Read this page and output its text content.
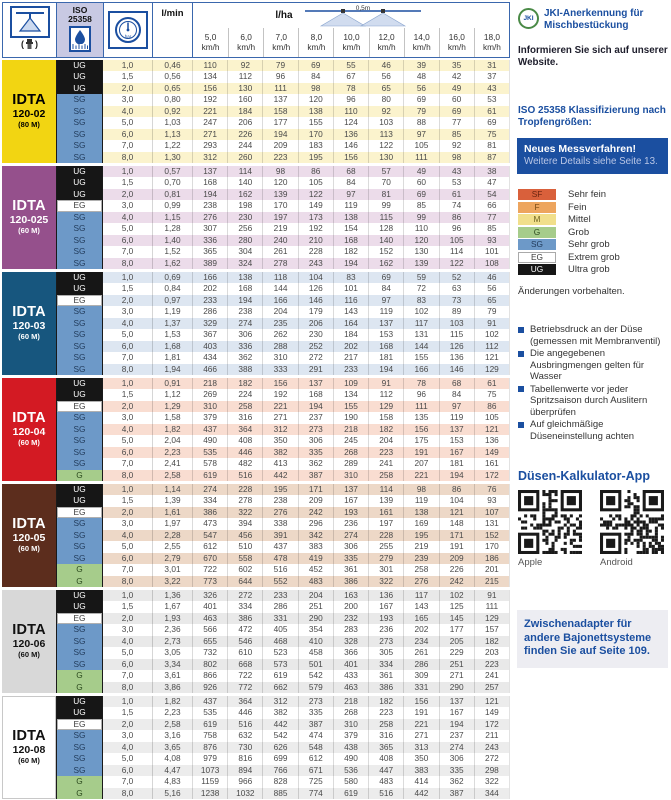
( )
ISO
25358
bar
l/min	l/ha
0,5m
5,0
km/h
6,0
km/h
7,0
km/h
8,0
km/h
10,0
km/h
12,0
km/h
14,0
km/h
16,0
km/h
18,0
km/h
IDTA
120-02
(80 M)
UG	1,0	0,46	110	92	79	69	55	46	39	35	31
UG	1,5	0,56	134	112	96	84	67	56	48	42	37
UG	2,0	0,65	156	130	111	98	78	65	56	49	43
SG	3,0	0,80	192	160	137	120	96	80	69	60	53
SG	4,0	0,92	221	184	158	138	110	92	79	69	61
SG	5,0	1,03	247	206	177	155	124	103	88	77	69
SG	6,0	1,13	271	226	194	170	136	113	97	85	75
SG	7,0	1,22	293	244	209	183	146	122	105	92	81
SG	8,0	1,30	312	260	223	195	156	130	111	98	87
IDTA
120-025
(60 M)
UG	1,0	0,57	137	114	98	86	68	57	49	43	38
UG	1,5	0,70	168	140	120	105	84	70	60	53	47
UG	2,0	0,81	194	162	139	122	97	81	69	61	54
EG	3,0	0,99	238	198	170	149	119	99	85	74	66
SG	4,0	1,15	276	230	197	173	138	115	99	86	77
SG	5,0	1,28	307	256	219	192	154	128	110	96	85
SG	6,0	1,40	336	280	240	210	168	140	120	105	93
SG	7,0	1,52	365	304	261	228	182	152	130	114	101
SG	8,0	1,62	389	324	278	243	194	162	139	122	108
IDTA
120-03
(60 M)
UG	1,0	0,69	166	138	118	104	83	69	59	52	46
UG	1,5	0,84	202	168	144	126	101	84	72	63	56
EG	2,0	0,97	233	194	166	146	116	97	83	73	65
SG	3,0	1,19	286	238	204	179	143	119	102	89	79
SG	4,0	1,37	329	274	235	206	164	137	117	103	91
SG	5,0	1,53	367	306	262	230	184	153	131	115	102
SG	6,0	1,68	403	336	288	252	202	168	144	126	112
SG	7,0	1,81	434	362	310	272	217	181	155	136	121
SG	8,0	1,94	466	388	333	291	233	194	166	146	129
IDTA
120-04
(60 M)
UG	1,0	0,91	218	182	156	137	109	91	78	68	61
UG	1,5	1,12	269	224	192	168	134	112	96	84	75
EG	2,0	1,29	310	258	221	194	155	129	111	97	86
SG	3,0	1,58	379	316	271	237	190	158	135	119	105
SG	4,0	1,82	437	364	312	273	218	182	156	137	121
SG	5,0	2,04	490	408	350	306	245	204	175	153	136
SG	6,0	2,23	535	446	382	335	268	223	191	167	149
SG	7,0	2,41	578	482	413	362	289	241	207	181	161
G	8,0	2,58	619	516	442	387	310	258	221	194	172
IDTA
120-05
(60 M)
UG	1,0	1,14	274	228	195	171	137	114	98	86	76
UG	1,5	1,39	334	278	238	209	167	139	119	104	93
EG	2,0	1,61	386	322	276	242	193	161	138	121	107
SG	3,0	1,97	473	394	338	296	236	197	169	148	131
SG	4,0	2,28	547	456	391	342	274	228	195	171	152
SG	5,0	2,55	612	510	437	383	306	255	219	191	170
SG	6,0	2,79	670	558	478	419	335	279	239	209	186
G	7,0	3,01	722	602	516	452	361	301	258	226	201
G	8,0	3,22	773	644	552	483	386	322	276	242	215
IDTA
120-06
(60 M)
UG	1,0	1,36	326	272	233	204	163	136	117	102	91
UG	1,5	1,67	401	334	286	251	200	167	143	125	111
EG	2,0	1,93	463	386	331	290	232	193	165	145	129
SG	3,0	2,36	566	472	405	354	283	236	202	177	157
SG	4,0	2,73	655	546	468	410	328	273	234	205	182
SG	5,0	3,05	732	610	523	458	366	305	261	229	203
SG	6,0	3,34	802	668	573	501	401	334	286	251	223
G	7,0	3,61	866	722	619	542	433	361	309	271	241
G	8,0	3,86	926	772	662	579	463	386	331	290	257
IDTA
120-08
(60 M)
UG	1,0	1,82	437	364	312	273	218	182	156	137	121
UG	1,5	2,23	535	446	382	335	268	223	191	167	149
EG	2,0	2,58	619	516	442	387	310	258	221	194	172
SG	3,0	3,16	758	632	542	474	379	316	271	237	211
SG	4,0	3,65	876	730	626	548	438	365	313	274	243
SG	5,0	4,08	979	816	699	612	490	408	350	306	272
SG	6,0	4,47	1073	894	766	671	536	447	383	335	298
G	7,0	4,83	1159	966	828	725	580	483	414	362	322
G	8,0	5,16	1238	1032	885	774	619	516	442	387	344
JKI	JKI-Anerkennung für Mischbestückung
Informieren Sie sich auf unserer Website.
ISO 25358 Klassifizierung nach Tropfengrößen:
Neues Messverfahren!
Weitere Details siehe Seite 13.
SF	Sehr fein
F	Fein
M	Mittel
G	Grob
SG	Sehr grob
EG	Extrem grob
UG	Ultra grob
Änderungen vorbehalten.
Betriebsdruck an der Düse (gemessen mit Membranventil)
Die angegebenen Ausbringmengen gelten für Wasser
Tabellenwerte vor jeder Spritzsaison durch Auslitern überprüfen
Auf gleichmäßige Düseneinstellung achten
Düsen-Kalkulator-App
Apple	Android
Zwischenadapter für andere Bajonettsysteme finden Sie auf Seite 109.
